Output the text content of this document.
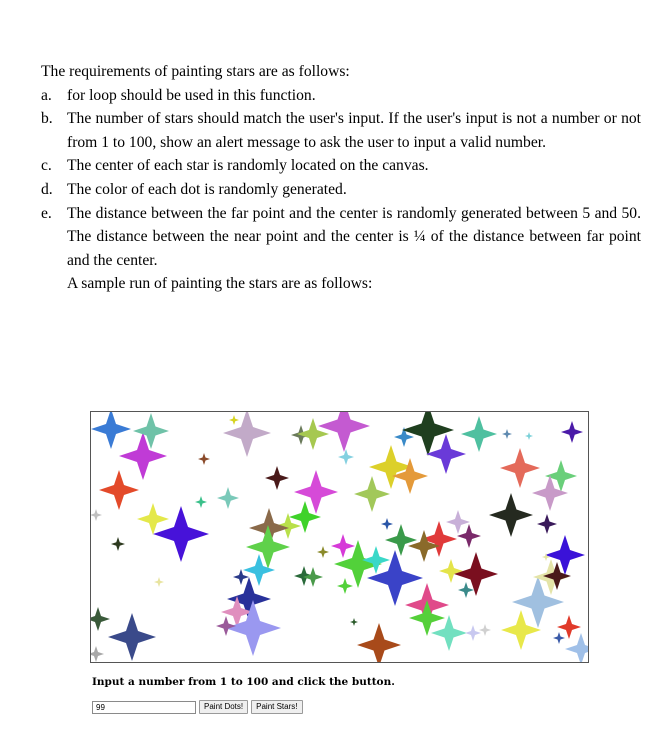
The requirements of painting stars are as follows:

a. for loop should be used in this function.
b. The number of stars should match the user's input. If the user's input is not a number or not from 1 to 100, show an alert message to ask the user to input a valid number.
c. The center of each star is randomly located on the canvas.
d. The color of each dot is randomly generated.
e. The distance between the far point and the center is randomly generated between 5 and 50. The distance between the near point and the center is ¼ of the distance between far point and the center.

A sample run of painting the stars are as follows:

Input a number from 1 to 100 and click the button.
99
Paint Dots!	Paint Stars!
